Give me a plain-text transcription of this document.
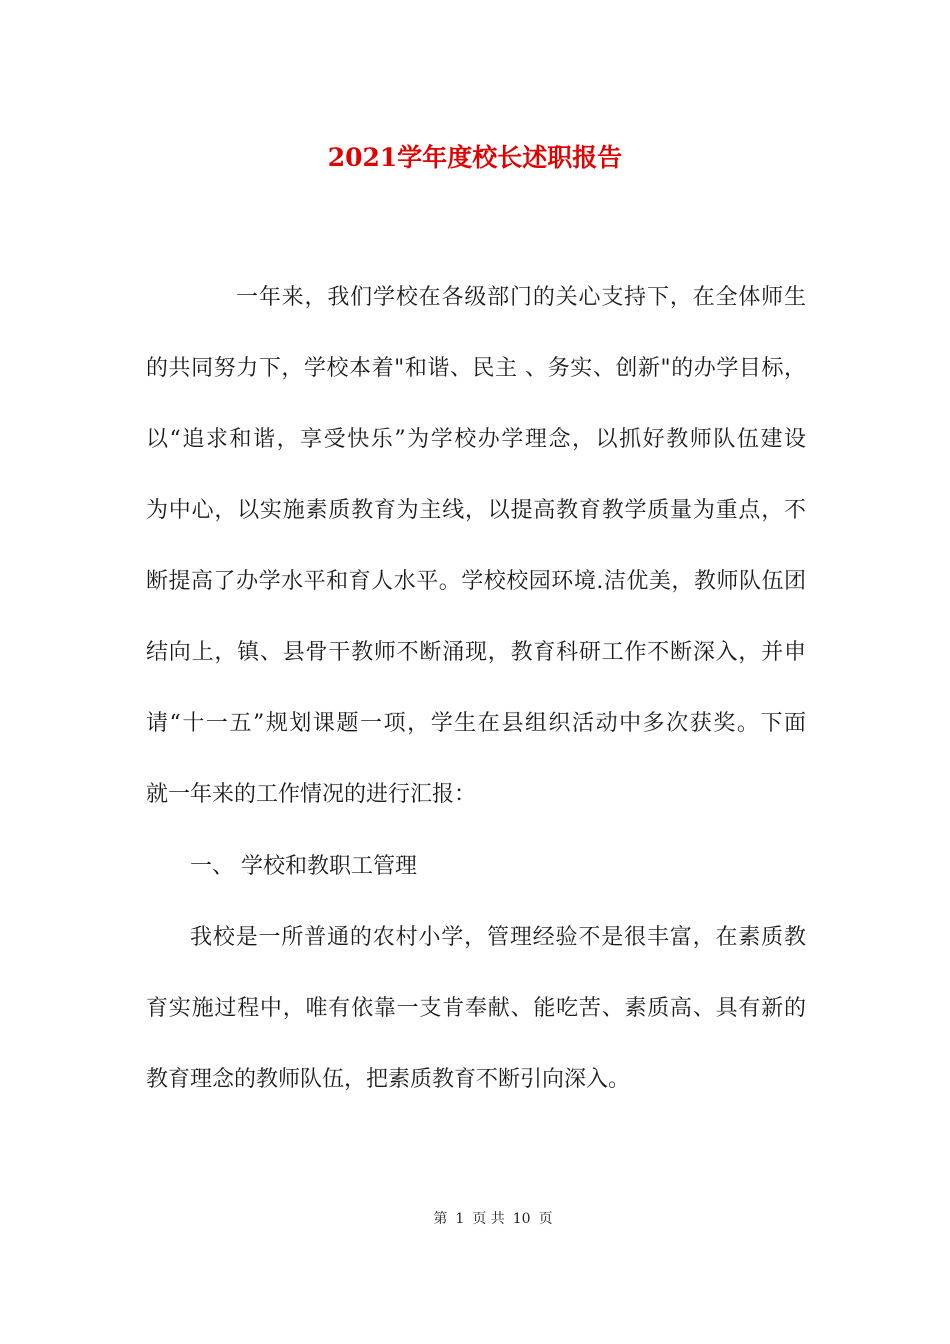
2021学年度校长述职报告
一年来，我们学校在各级部门的关心支持下，在全体师生
的共同努力下，学校本着"和谐、民主 、务实、创新"的办学目标，
以“追求和谐，享受快乐”为学校办学理念，以抓好教师队伍建设
为中心，以实施素质教育为主线，以提高教育教学质量为重点，不
断提高了办学水平和育人水平。学校校园环境.洁优美，教师队伍团
结向上，镇、县骨干教师不断涌现，教育科研工作不断深入，并申
请“十一五”规划课题一项，学生在县组织活动中多次获奖。下面
就一年来的工作情况的进行汇报：
一、 学校和教职工管理
我校是一所普通的农村小学，管理经验不是很丰富，在素质教
育实施过程中，唯有依靠一支肯奉献、能吃苦、素质高、具有新的
教育理念的教师队伍，把素质教育不断引向深入。
第 1 页 共 10 页
